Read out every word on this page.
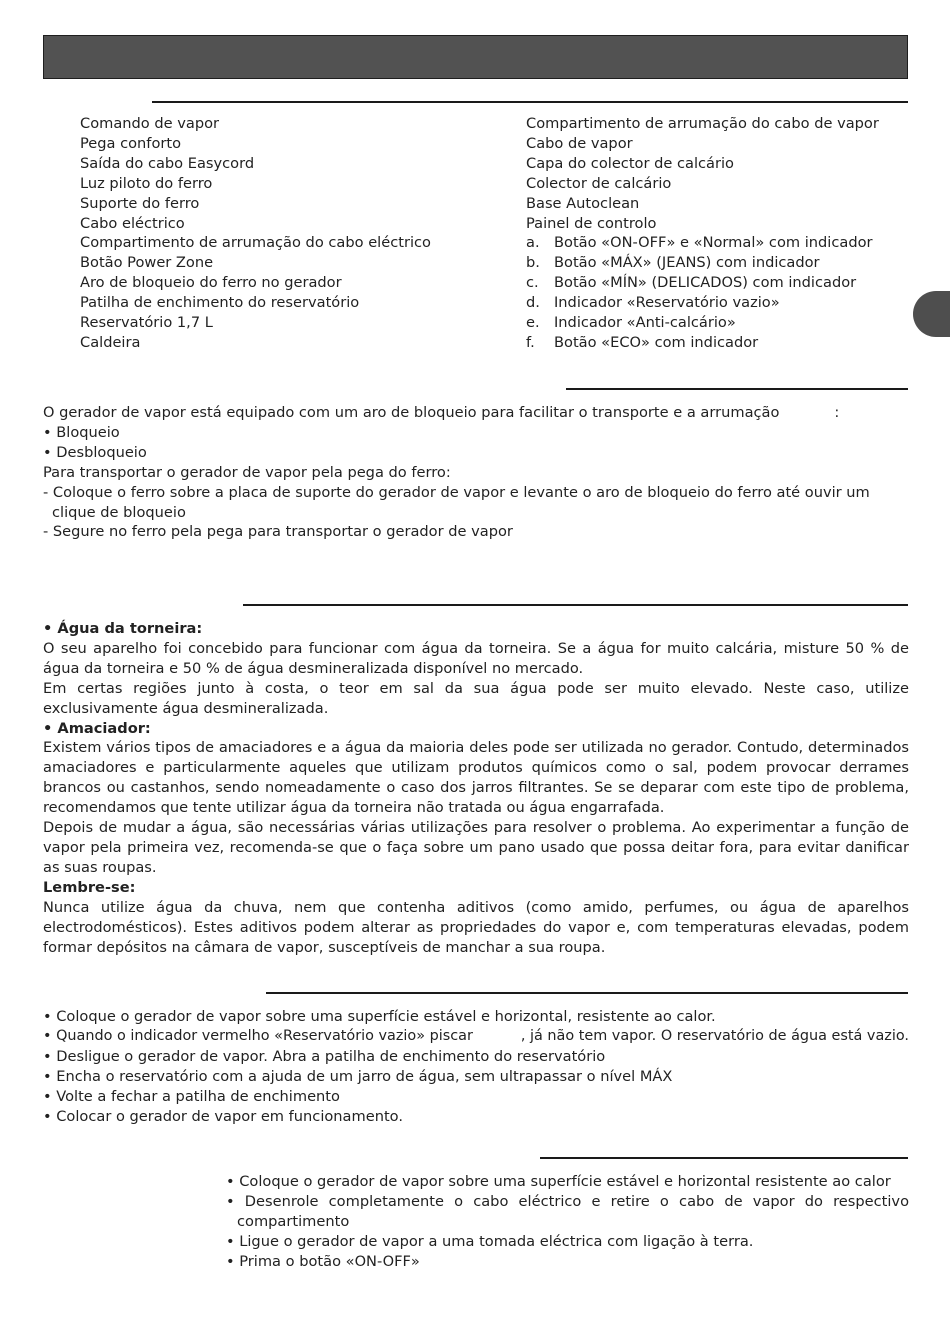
Comando de vapor
Pega conforto
Saída do cabo Easycord
Luz piloto do ferro
Suporte do ferro
Cabo eléctrico
Compartimento de arrumação do cabo eléctrico
Botão Power Zone
Aro de bloqueio do ferro no gerador
Patilha de enchimento do reservatório
Reservatório 1,7 L
Caldeira
Compartimento de arrumação do cabo de vapor
Cabo de vapor
Capa do colector de calcário
Colector de calcário
Base Autoclean
Painel de controlo
a. Botão «ON-OFF» e «Normal» com indicador
b. Botão «MÁX» (JEANS) com indicador
c.	Botão «MÍN» (DELICADOS) com indicador
d. Indicador «Reservatório vazio»
e. Indicador «Anti-calcário»
f.	Botão «ECO» com indicador
O gerador de vapor está equipado com um aro de bloqueio para facilitar o transporte e a arrumação	:
• Bloqueio
• Desbloqueio
Para transportar o gerador de vapor pela pega do ferro:
- Coloque o ferro sobre a placa de suporte do gerador de vapor e levante o aro de bloqueio do ferro até ouvir um clique de bloqueio
- Segure no ferro pela pega para transportar o gerador de vapor
• Água da torneira:
O seu aparelho foi concebido para funcionar com água da torneira. Se a água for muito calcária, misture 50 % de água da torneira e 50 % de água desmineralizada disponível no mercado.
Em certas regiões junto à costa, o teor em sal da sua água pode ser muito elevado. Neste caso, utilize exclusivamente água desmineralizada.
• Amaciador:
Existem vários tipos de amaciadores e a água da maioria deles pode ser utilizada no gerador. Contudo, determinados amaciadores e particularmente aqueles que utilizam produtos químicos como o sal, podem provocar derrames brancos ou castanhos, sendo nomeadamente o caso dos jarros filtrantes. Se se deparar com este tipo de problema, recomendamos que tente utilizar água da torneira não tratada ou água engarrafada.
Depois de mudar a água, são necessárias várias utilizações para resolver o problema. Ao experimentar a função de vapor pela primeira vez, recomenda-se que o faça sobre um pano usado que possa deitar fora, para evitar danificar as suas roupas.
Lembre-se:
Nunca utilize água da chuva, nem que contenha aditivos (como amido, perfumes, ou água de aparelhos electrodomésticos). Estes aditivos podem alterar as propriedades do vapor e, com temperaturas elevadas, podem formar depósitos na câmara de vapor, susceptíveis de manchar a sua roupa.
• Coloque o gerador de vapor sobre uma superfície estável e horizontal, resistente ao calor.
• Quando o indicador vermelho «Reservatório vazio» piscar	, já não tem vapor. O reservatório de água está vazio.
• Desligue o gerador de vapor. Abra a patilha de enchimento do reservatório
• Encha o reservatório com a ajuda de um jarro de água, sem ultrapassar o nível MÁX
• Volte a fechar a patilha de enchimento
• Colocar o gerador de vapor em funcionamento.
• Coloque o gerador de vapor sobre uma superfície estável e horizontal resistente ao calor
• Desenrole completamente o cabo eléctrico e retire o cabo de vapor do respectivo compartimento
• Ligue o gerador de vapor a uma tomada eléctrica com ligação à terra.
• Prima o botão «ON-OFF»
